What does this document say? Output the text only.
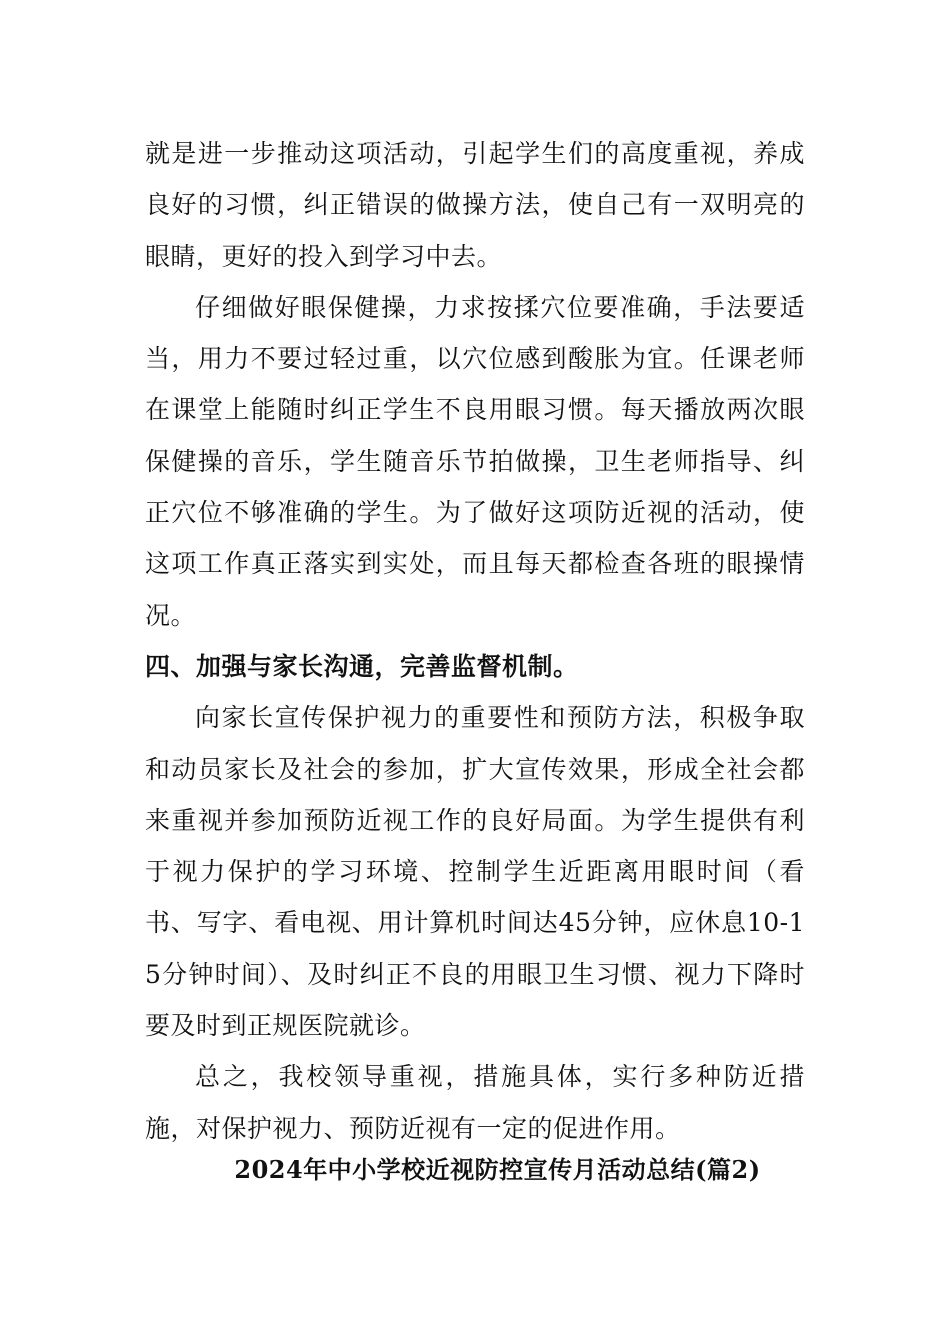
就是进一步推动这项活动，引起学生们的高度重视，养成良好的习惯，纠正错误的做操方法，使自己有一双明亮的眼睛，更好的投入到学习中去。

仔细做好眼保健操，力求按揉穴位要准确，手法要适当，用力不要过轻过重，以穴位感到酸胀为宜。任课老师在课堂上能随时纠正学生不良用眼习惯。每天播放两次眼保健操的音乐，学生随音乐节拍做操，卫生老师指导、纠正穴位不够准确的学生。为了做好这项防近视的活动，使这项工作真正落实到实处，而且每天都检查各班的眼操情况。

四、加强与家长沟通，完善监督机制。

向家长宣传保护视力的重要性和预防方法，积极争取和动员家长及社会的参加，扩大宣传效果，形成全社会都来重视并参加预防近视工作的良好局面。为学生提供有利于视力保护的学习环境、控制学生近距离用眼时间（看书、写字、看电视、用计算机时间达45分钟，应休息10-15分钟时间）、及时纠正不良的用眼卫生习惯、视力下降时要及时到正规医院就诊。

总之，我校领导重视，措施具体，实行多种防近措施，对保护视力、预防近视有一定的促进作用。

2024年中小学校近视防控宣传月活动总结(篇2)
